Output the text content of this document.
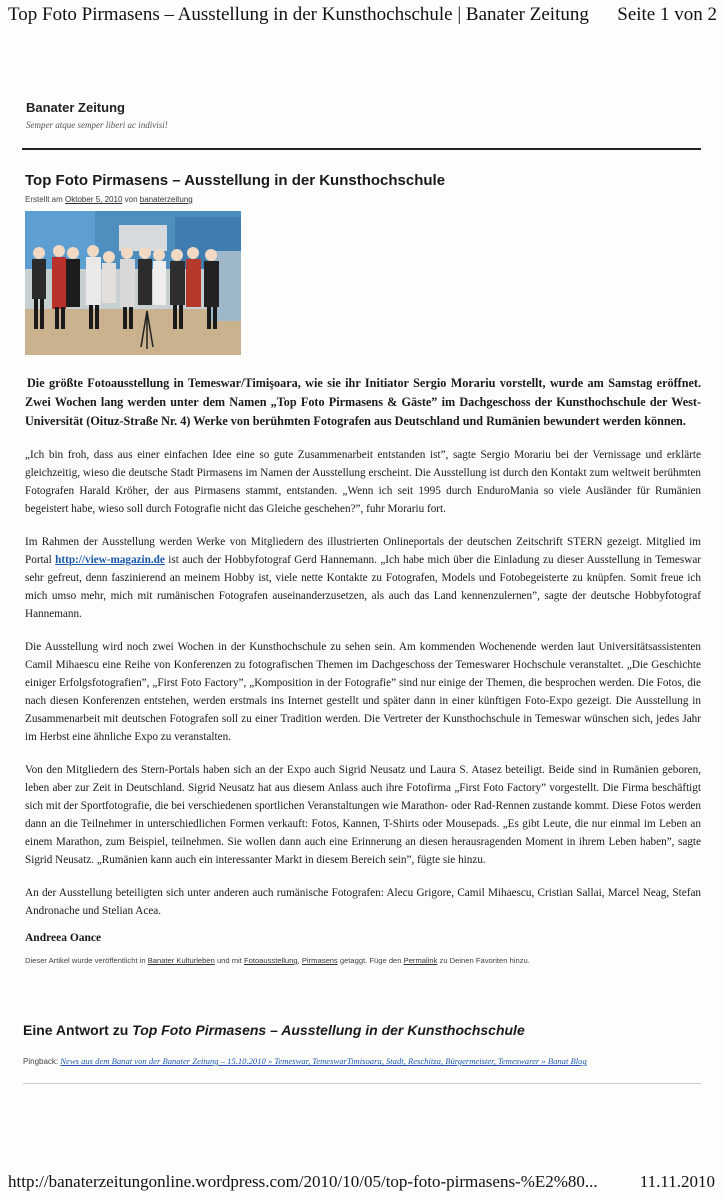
Top Foto Pirmasens – Ausstellung in der Kunsthochschule | Banater Zeitung Seite 1 von 2
Banater Zeitung
Semper atque semper liberi ac indivisi!
Top Foto Pirmasens – Ausstellung in der Kunsthochschule
Erstellt am Oktober 5, 2010 von banaterzeitung

Die größte Fotoausstellung in Temeswar/Timişoara, wie sie ihr Initiator Sergio Morariu vorstellt, wurde am Samstag eröffnet. Zwei Wochen lang werden unter dem Namen „Top Foto Pirmasens & Gäste” im Dachgeschoss der Kunsthochschule der West-Universität (Oituz-Straße Nr. 4) Werke von berühmten Fotografen aus Deutschland und Rumänien bewundert werden können.

„Ich bin froh, dass aus einer einfachen Idee eine so gute Zusammenarbeit entstanden ist”, sagte Sergio Morariu bei der Vernissage und erklärte gleichzeitig, wieso die deutsche Stadt Pirmasens im Namen der Ausstellung erscheint. Die Ausstellung ist durch den Kontakt zum weltweit berühmten Fotografen Harald Kröher, der aus Pirmasens stammt, entstanden. „Wenn ich seit 1995 durch EnduroMania so viele Ausländer für Rumänien begeistert habe, wieso soll durch Fotografie nicht das Gleiche geschehen?”, fuhr Morariu fort.

Im Rahmen der Ausstellung werden Werke von Mitgliedern des illustrierten Onlineportals der deutschen Zeitschrift STERN gezeigt. Mitglied im Portal http://view-magazin.de ist auch der Hobbyfotograf Gerd Hannemann. „Ich habe mich über die Einladung zu dieser Ausstellung in Temeswar sehr gefreut, denn faszinierend an meinem Hobby ist, viele nette Kontakte zu Fotografen, Models und Fotobegeisterte zu knüpfen. Somit freue ich mich umso mehr, mich mit rumänischen Fotografen auseinanderzusetzen, als auch das Land kennenzulernen”, sagte der deutsche Hobbyfotograf Hannemann.

Die Ausstellung wird noch zwei Wochen in der Kunsthochschule zu sehen sein. Am kommenden Wochenende werden laut Universitätsassistenten Camil Mihaescu eine Reihe von Konferenzen zu fotografischen Themen im Dachgeschoss der Temeswarer Hochschule veranstaltet. „Die Geschichte einiger Erfolgsfotografien”, „First Foto Factory”, „Komposition in der Fotografie” sind nur einige der Themen, die besprochen werden. Die Fotos, die nach diesen Konferenzen entstehen, werden erstmals ins Internet gestellt und später dann in einer künftigen Foto-Expo gezeigt. Die Ausstellung in Zusammenarbeit mit deutschen Fotografen soll zu einer Tradition werden. Die Vertreter der Kunsthochschule in Temeswar wünschen sich, jedes Jahr im Herbst eine ähnliche Expo zu veranstalten.

Von den Mitgliedern des Stern-Portals haben sich an der Expo auch Sigrid Neusatz und Laura S. Atasez beteiligt. Beide sind in Rumänien geboren, leben aber zur Zeit in Deutschland. Sigrid Neusatz hat aus diesem Anlass auch ihre Fotofirma „First Foto Factory” vorgestellt. Die Firma beschäftigt sich mit der Sportfotografie, die bei verschiedenen sportlichen Veranstaltungen wie Marathon- oder Rad-Rennen zustande kommt. Diese Fotos werden dann an die Teilnehmer in unterschiedlichen Formen verkauft: Fotos, Kannen, T-Shirts oder Mousepads. „Es gibt Leute, die nur einmal im Leben an einem Marathon, zum Beispiel, teilnehmen. Sie wollen dann auch eine Erinnerung an diesen herausragenden Moment in ihrem Leben haben”, sagte Sigrid Neusatz. „Rumänien kann auch ein interessanter Markt in diesem Bereich sein”, fügte sie hinzu.

An der Ausstellung beteiligten sich unter anderen auch rumänische Fotografen: Alecu Grigore, Camil Mihaescu, Cristian Sallai, Marcel Neag, Stefan Andronache und Stelian Acea.

Andreea Oance
Dieser Artikel wurde veröffentlicht in Banater Kulturleben und mit Fotoausstellung, Pirmasens getaggt. Füge den Permalink zu Deinen Favoriten hinzu.
Eine Antwort zu Top Foto Pirmasens – Ausstellung in der Kunsthochschule
Pingback: News aus dem Banat von der Banater Zeitung – 15.10.2010 » Temeswar, TemeswarTimisoara, Stadt, Reschitza, Bürgermeister, Temeswarer » Banat Blog
http://banaterzeitungonline.wordpress.com/2010/10/05/top-foto-pirmasens-%E2%80... 11.11.2010
